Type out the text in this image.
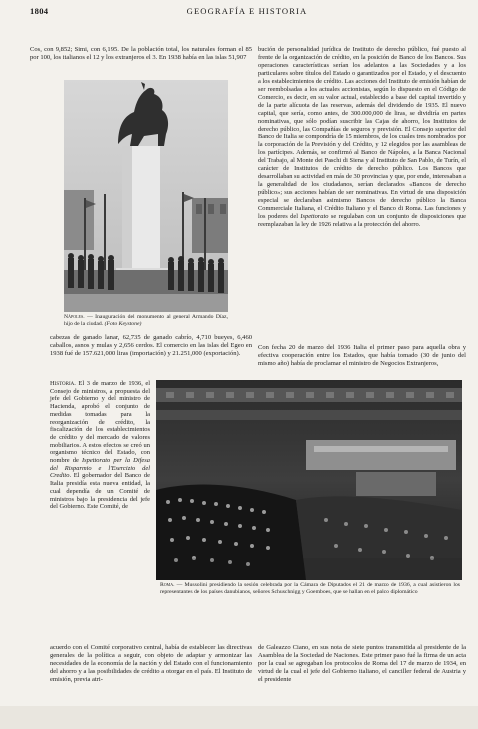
1804	GEOGRAFÍA E HISTORIA

Cos, con 9,852; Simi, con 6,195. De la población total, los naturales forman el 85 por 100, los italianos el 12 y los extranjeros el 3. En 1938 había en las islas 51,907

Nápoles. — Inauguración del monumento al general Armando Díaz, hijo de la ciudad. (Foto Keystone)

cabezas de ganado lanar, 62,735 de ganado cabrío, 4,710 bueyes, 6,460 caballos, asnos y mulas y 2,656 cerdos. El comercio en las islas del Egeo en 1938 fué de 157.621,000 liras (importación) y 21.251,000 (exportación).

Historia. El 3 de marzo de 1936, el Consejo de ministros, a propuesta del jefe del Gobierno y del ministro de Hacienda, aprobó el conjunto de medidas tomadas para la reorganización de crédito, la fiscalización de los establecimientos de crédito y del mercado de valores mobiliarios. A estos efectos se creó un organismo técnico del Estado, con nombre de Ispettorato per la Difesa del Risparmio e l'Esercizio del Credito. El gobernador del Banco de Italia presidía esta nueva entidad, la cual dependía de un Comité de ministros bajo la presidencia del jefe del Gobierno. Este Comité, de

acuerdo con el Comité corporativo central, había de establecer las directivas generales de la política a seguir, con objeto de adaptar y armonizar las necesidades de la economía de la nación y del Estado con el funcionamiento del ahorro y a las posibilidades de crédito a otorgar en el país. El Instituto de emisión, previa atri-

bución de personalidad jurídica de Instituto de derecho público, fué puesto al frente de la organización de crédito, en la posición de Banco de los Bancos. Sus operaciones características serían los adelantos a las Sociedades y a los particulares sobre títulos del Estado o garantizados por el Estado, y el descuento a los establecimientos de crédito. Las acciones del Instituto de emisión habían de ser reembolsadas a los actuales accionistas, según lo dispuesto en el Código de Comercio, es decir, en su valor actual, establecido a base del capital invertido y de la parte alícuota de las reservas, además del dividendo de 1935. El nuevo capital, que sería, como antes, de 300.000,000 de liras, se dividiría en partes nominativas, que sólo podían suscribir las Cajas de ahorro, los Institutos de derecho público, las Compañías de seguros y previsión. El Consejo superior del Banco de Italia se compondría de 15 miembros, de los cuales tres nombrados por la corporación de la Previsión y del Crédito, y 12 elegidos por las asambleas de los partícipes. Además, se confirmó al Banco de Nápoles, a la Banca Nacional del Trabajo, al Monte dei Paschi di Siena y al Instituto de San Pablo, de Turín, el carácter de Institutos de crédito de derecho público. Los Bancos que desarrollaban su actividad en más de 30 provincias y que, por ende, interesaban a la generalidad de los ciudadanos, serían declarados «Bancos de derecho público»; sus acciones habían de ser nominativas. En virtud de una disposición especial se declaraban asimismo Bancos de derecho público la Banca Commerciale Italiana, el Crédito Italiano y el Banco di Roma. Las funciones y los poderes del Ispettorato se regulaban con un conjunto de disposiciones que reemplazaban la ley de 1926 relativa a la protección del ahorro.

Con fecha 20 de marzo del 1936 Italia el primer paso para aquella obra y efectiva cooperación entre los Estados, que había tomado (30 de junio del mismo año) había de proclamar el ministro de Negocios Extranjeros,

Roma. — Mussolini presidiendo la sesión celebrada por la Cámara de Diputados el 21 de marzo de 1936, a cual asistieron los representantes de los países danubianos, señores Schuschnigg y Goemboes, que se hallan en el palco diplomático

de Galeazzo Ciano, en sus nota de siete puntos transmitida al presidente de la Asamblea de la Sociedad de Naciones. Este primer paso fué la firma de un acta por la cual se agregaban los protocolos de Roma del 17 de marzo de 1934, en virtud de la cual el jefe del Gobierno italiano, el canciller federal de Austria y el presidente
